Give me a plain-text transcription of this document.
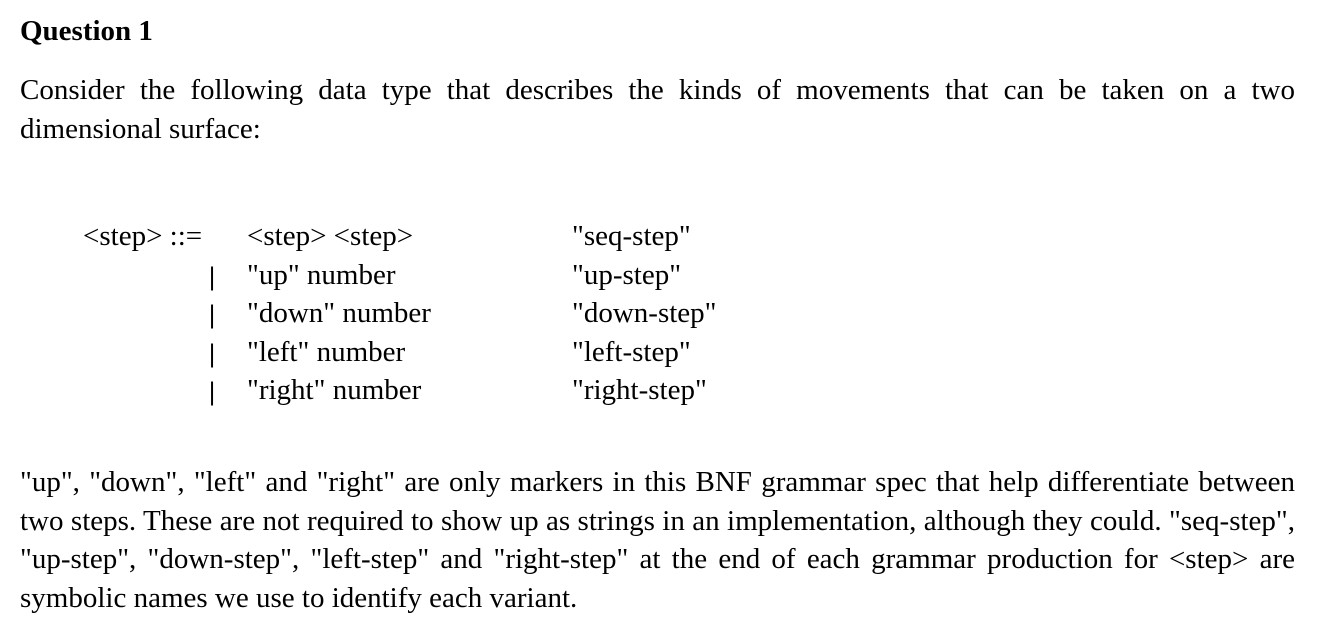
Question 1
Consider the following data type that describes the kinds of movements that can be taken on a two dimensional surface:
<step> ::= <step> <step>	"seq-step"
| "up" number	"up-step"
| "down" number	"down-step"
| "left" number	"left-step"
| "right" number	"right-step"
"up", "down", "left" and "right" are only markers in this BNF grammar spec that help differentiate between two steps. These are not required to show up as strings in an implementation, although they could. "seq-step", "up-step", "down-step", "left-step" and "right-step" at the end of each grammar production for <step> are symbolic names we use to identify each variant.
